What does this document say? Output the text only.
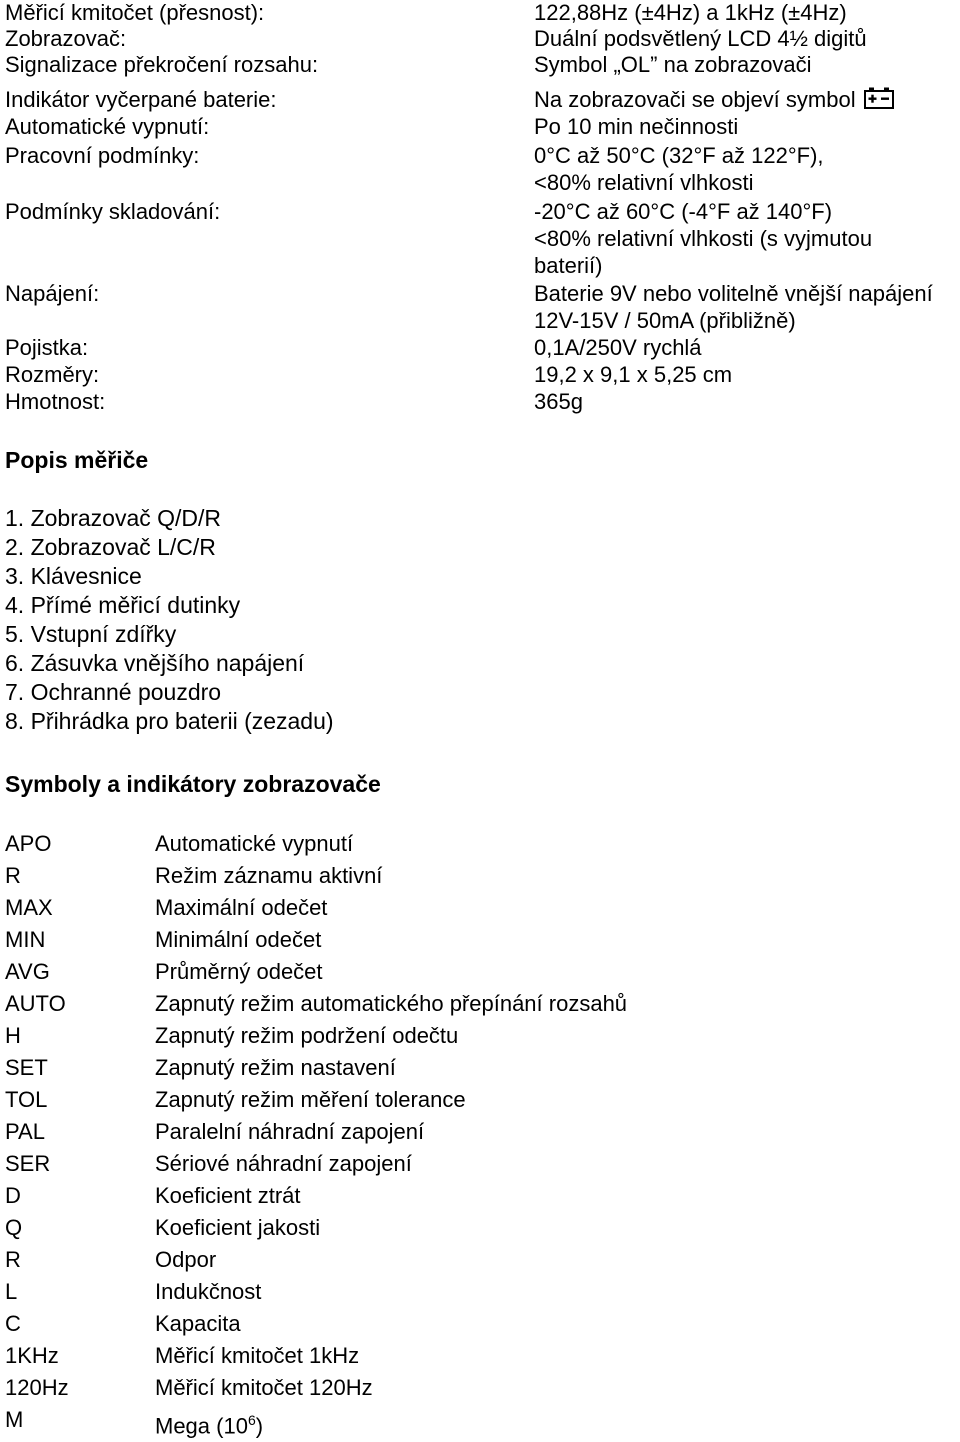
Měřicí kmitočet (přesnost):	122,88Hz (±4Hz) a 1kHz (±4Hz)
Zobrazovač:	Duální podsvětlený LCD 4½ digitů
Signalizace překročení rozsahu:	Symbol „OL” na zobrazovači
Indikátor vyčerpané baterie:	Na zobrazovači se objeví symbol
Automatické vypnutí:	Po 10 min nečinnosti
Pracovní podmínky:	0°C až 50°C (32°F až 122°F),
<80% relativní vlhkosti
Podmínky skladování:	-20°C až 60°C (-4°F až 140°F)
<80% relativní vlhkosti (s vyjmutou
baterií)
Napájení:	Baterie 9V nebo volitelně vnější napájení
12V-15V / 50mA (přibližně)
Pojistka:	0,1A/250V rychlá
Rozměry:	19,2 x 9,1 x 5,25 cm
Hmotnost:	365g
Popis měřiče
1. Zobrazovač Q/D/R
2. Zobrazovač L/C/R
3. Klávesnice
4. Přímé měřicí dutinky
5. Vstupní zdířky
6. Zásuvka vnějšího napájení
7. Ochranné pouzdro
8. Přihrádka pro baterii (zezadu)
Symboly a indikátory zobrazovače
APO	Automatické vypnutí
R	Režim záznamu aktivní
MAX	Maximální odečet
MIN	Minimální odečet
AVG	Průměrný odečet
AUTO	Zapnutý režim automatického přepínání rozsahů
H	Zapnutý režim podržení odečtu
SET	Zapnutý režim nastavení
TOL	Zapnutý režim měření tolerance
PAL	Paralelní náhradní zapojení
SER	Sériové náhradní zapojení
D	Koeficient ztrát
Q	Koeficient jakosti
R	Odpor
L	Indukčnost
C	Kapacita
1KHz	Měřicí kmitočet 1kHz
120Hz	Měřicí kmitočet 120Hz
M	Mega $(10^6)$
